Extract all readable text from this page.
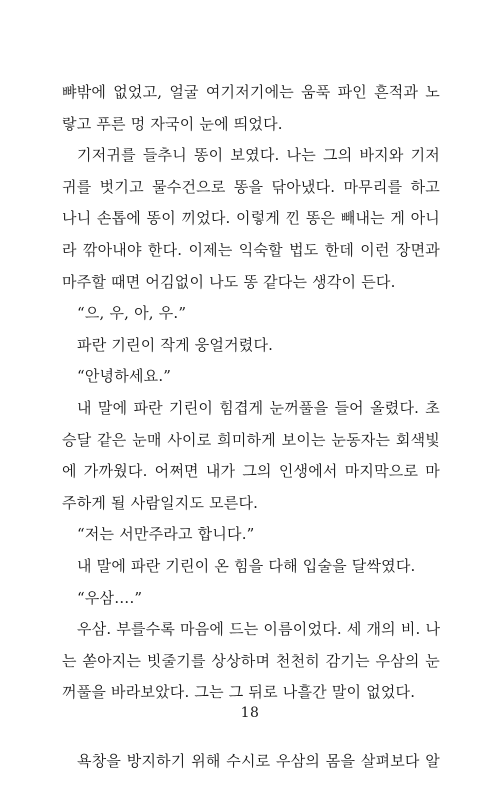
뺘밖에 없었고, 얼굴 여기저기에는 움푹 파인 흔적과 노
랗고 푸른 멍 자국이 눈에 띄었다.
기저귀를 들추니 똥이 보였다. 나는 그의 바지와 기저
귀를 벗기고 물수건으로 똥을 닦아냈다. 마무리를 하고
나니 손톱에 똥이 끼었다. 이렇게 낀 똥은 빼내는 게 아니
라 깎아내야 한다. 이제는 익숙할 법도 한데 이런 장면과
마주할 때면 어김없이 나도 똥 같다는 생각이 든다.
“으, 우, 아, 우.”
파란 기린이 작게 웅얼거렸다.
“안녕하세요.”
내 말에 파란 기린이 힘겹게 눈꺼풀을 들어 올렸다. 초
승달 같은 눈매 사이로 희미하게 보이는 눈동자는 회색빛
에 가까웠다. 어쩌면 내가 그의 인생에서 마지막으로 마
주하게 될 사람일지도 모른다.
“저는 서만주라고 합니다.”
내 말에 파란 기린이 온 힘을 다해 입술을 달싹였다.
“우삼….”
우삼. 부를수록 마음에 드는 이름이었다. 세 개의 비. 나
는 쏟아지는 빗줄기를 상상하며 천천히 감기는 우삼의 눈
꺼풀을 바라보았다. 그는 그 뒤로 나흘간 말이 없었다.
욕창을 방지하기 위해 수시로 우삼의 몸을 살펴보다 알
18
